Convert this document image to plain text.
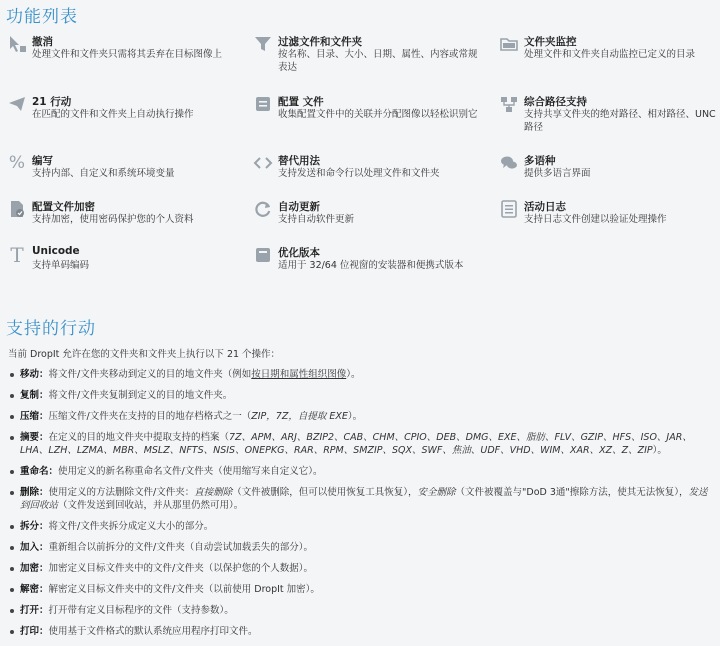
功能列表
撤消
处理文件和文件夹只需将其丢弃在目标图像上
过滤文件和文件夹
按名称、目录、大小、日期、属性、内容或常规表达
文件夹监控
处理文件和文件夹自动监控已定义的目录
21 行动
在匹配的文件和文件夹上自动执行操作
配置 文件
收集配置文件中的关联并分配图像以轻松识别它
综合路径支持
支持共享文件夹的绝对路径、相对路径、UNC 路径
% 编写
支持内部、自定义和系统环境变量
替代用法
支持发送和命令行以处理文件和文件夹
多语种
提供多语言界面
配置文件加密
支持加密，使用密码保护您的个人资料
自动更新
支持自动软件更新
活动日志
支持日志文件创建以验证处理操作
T Unicode
支持单码编码
优化版本
适用于 32/64 位视窗的安装器和便携式版本
支持的行动
当前 DropIt 允许在您的文件夹和文件夹上执行以下 21 个操作：
移动：将文件/文件夹移动到定义的目的地文件夹（例如按日期和属性组织图像）。
复制：将文件/文件夹复制到定义的目的地文件夹。
压缩：压缩文件/文件夹在支持的目的地存档格式之一（ZIP，7Z，自提取 EXE）。
摘要：在定义的目的地文件夹中提取支持的档案（7Z、APM、ARJ、BZIP2、CAB、CHM、CPIO、DEB、DMG、EXE、脂肪、FLV、GZIP、HFS、ISO、JAR、LHA、LZH、LZMA、MBR、MSLZ、NFTS、NSIS、ONEPKG、RAR、RPM、SMZIP、SQX、SWF、焦油、UDF、VHD、WIM、XAR、XZ、Z、ZIP）。
重命名：使用定义的新名称重命名文件/文件夹（使用缩写来自定义它）。
删除：使用定义的方法删除文件/文件夹：直接删除（文件被删除，但可以使用恢复工具恢复），安全删除（文件被覆盖与"DoD 3通"擦除方法，使其无法恢复），发送到回收站（文件发送到回收站，并从那里仍然可用）。
拆分：将文件/文件夹拆分成定义大小的部分。
加入：重新组合以前拆分的文件/文件夹（自动尝试加载丢失的部分）。
加密：加密定义目标文件夹中的文件/文件夹（以保护您的个人数据）。
解密：解密定义目标文件夹中的文件/文件夹（以前使用 DropIt 加密）。
打开：打开带有定义目标程序的文件（支持参数）。
打印：使用基于文件格式的默认系统应用程序打印文件。
